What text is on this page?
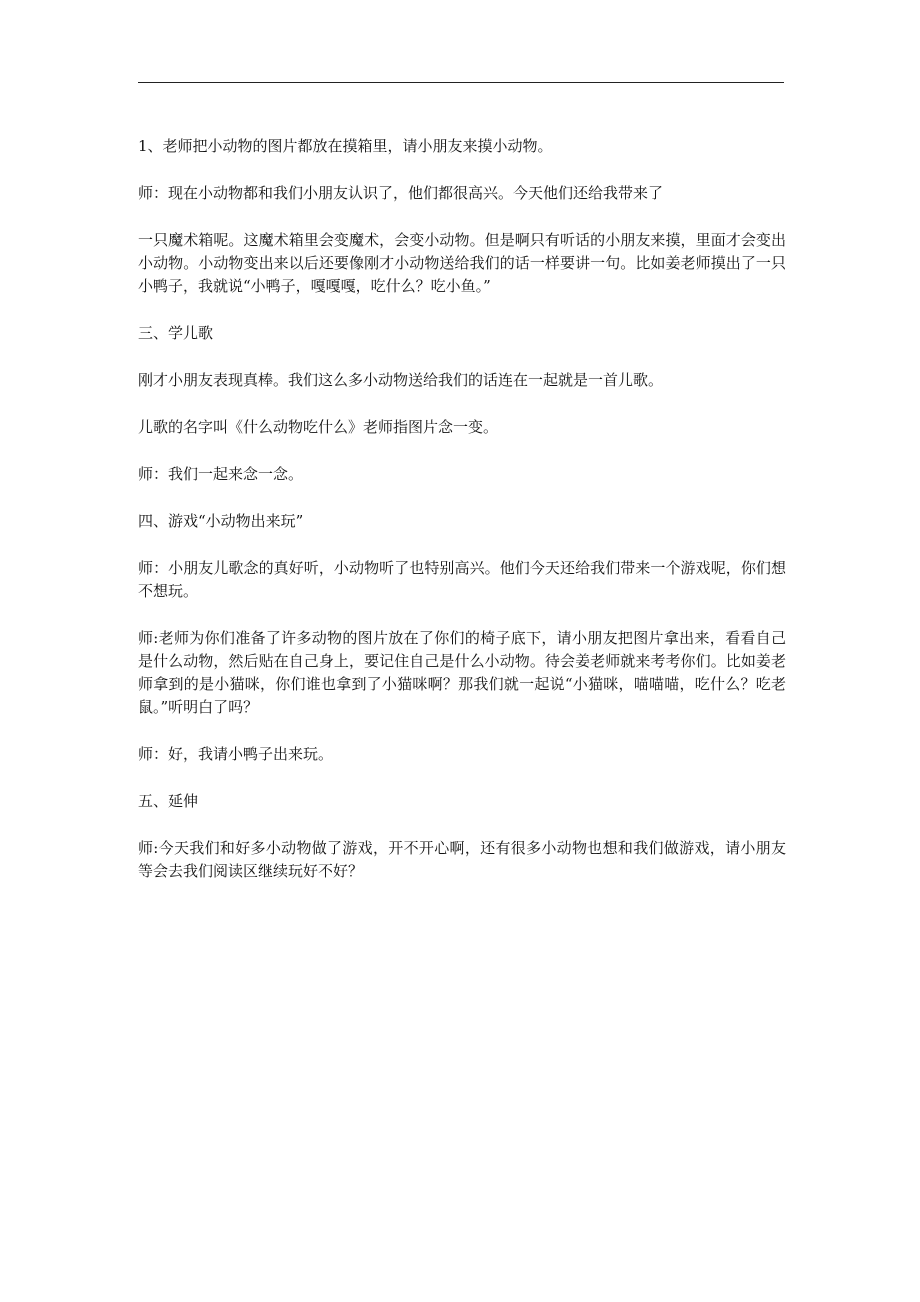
1、老师把小动物的图片都放在摸箱里，请小朋友来摸小动物。

师：现在小动物都和我们小朋友认识了，他们都很高兴。今天他们还给我带来了

一只魔术箱呢。这魔术箱里会变魔术，会变小动物。但是啊只有听话的小朋友来摸，里面才会变出小动物。小动物变出来以后还要像刚才小动物送给我们的话一样要讲一句。比如姜老师摸出了一只小鸭子，我就说“小鸭子，嘎嘎嘎，吃什么？吃小鱼。”

三、学儿歌

刚才小朋友表现真棒。我们这么多小动物送给我们的话连在一起就是一首儿歌。

儿歌的名字叫《什么动物吃什么》老师指图片念一变。

师：我们一起来念一念。

四、游戏“小动物出来玩”

师：小朋友儿歌念的真好听，小动物听了也特别高兴。他们今天还给我们带来一个游戏呢，你们想不想玩。

师:老师为你们准备了许多动物的图片放在了你们的椅子底下，请小朋友把图片拿出来，看看自己是什么动物，然后贴在自己身上，要记住自己是什么小动物。待会姜老师就来考考你们。比如姜老师拿到的是小猫咪，你们谁也拿到了小猫咪啊？那我们就一起说“小猫咪，喵喵喵，吃什么？吃老鼠。”听明白了吗？

师：好，我请小鸭子出来玩。

五、延伸

师:今天我们和好多小动物做了游戏，开不开心啊，还有很多小动物也想和我们做游戏，请小朋友等会去我们阅读区继续玩好不好？
